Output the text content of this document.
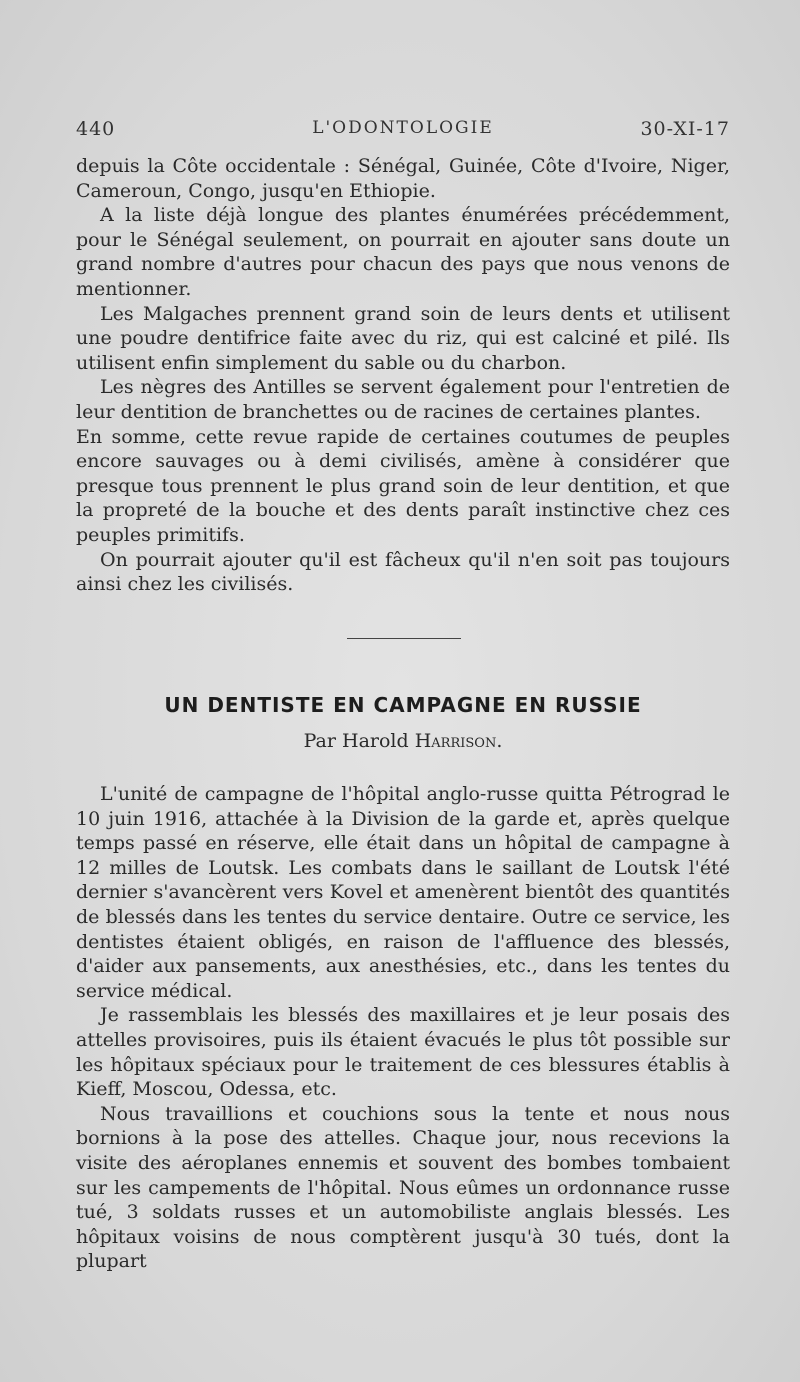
440	L'ODONTOLOGIE	30-XI-17

depuis la Côte occidentale : Sénégal, Guinée, Côte d'Ivoire, Niger, Cameroun, Congo, jusqu'en Ethiopie.

A la liste déjà longue des plantes énumérées précédemment, pour le Sénégal seulement, on pourrait en ajouter sans doute un grand nombre d'autres pour chacun des pays que nous venons de mentionner.

Les Malgaches prennent grand soin de leurs dents et utilisent une poudre dentifrice faite avec du riz, qui est calciné et pilé. Ils utilisent enfin simplement du sable ou du charbon.

Les nègres des Antilles se servent également pour l'entretien de leur dentition de branchettes ou de racines de certaines plantes.

En somme, cette revue rapide de certaines coutumes de peuples encore sauvages ou à demi civilisés, amène à considérer que presque tous prennent le plus grand soin de leur dentition, et que la propreté de la bouche et des dents paraît instinctive chez ces peuples primitifs.

On pourrait ajouter qu'il est fâcheux qu'il n'en soit pas toujours ainsi chez les civilisés.

UN DENTISTE EN CAMPAGNE EN RUSSIE
Par Harold Harrison.

L'unité de campagne de l'hôpital anglo-russe quitta Pétrograd le 10 juin 1916, attachée à la Division de la garde et, après quelque temps passé en réserve, elle était dans un hôpital de campagne à 12 milles de Loutsk. Les combats dans le saillant de Loutsk l'été dernier s'avancèrent vers Kovel et amenèrent bientôt des quantités de blessés dans les tentes du service dentaire. Outre ce service, les dentistes étaient obligés, en raison de l'affluence des blessés, d'aider aux pansements, aux anesthésies, etc., dans les tentes du service médical.

Je rassemblais les blessés des maxillaires et je leur posais des attelles provisoires, puis ils étaient évacués le plus tôt possible sur les hôpitaux spéciaux pour le traitement de ces blessures établis à Kieff, Moscou, Odessa, etc.

Nous travaillions et couchions sous la tente et nous nous bornions à la pose des attelles. Chaque jour, nous recevions la visite des aéroplanes ennemis et souvent des bombes tombaient sur les campements de l'hôpital. Nous eûmes un ordonnance russe tué, 3 soldats russes et un automobiliste anglais blessés. Les hôpitaux voisins de nous comptèrent jusqu'à 30 tués, dont la plupart
